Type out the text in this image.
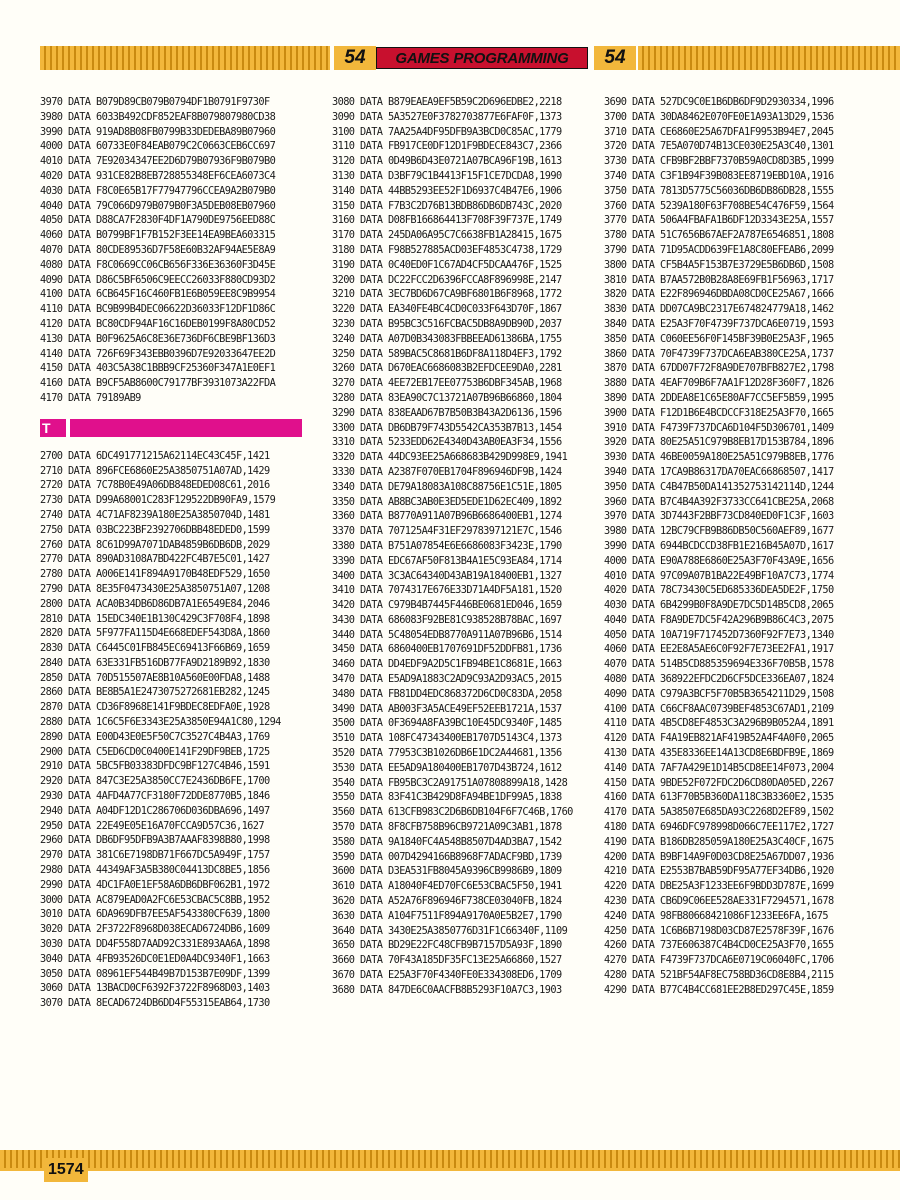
54	GAMES PROGRAMMING	54
3970 DATA B079D89CB079B0794DF1B0791F9730F
3980 DATA 6033B492CDF852EAF8B079807980CD38
3990 DATA 919AD8B08FB0799B33DEDEBA89B07960
4000 DATA 60733E0F84EAB079C2C0663CEB6CC697
4010 DATA 7E92034347EE2D6D79B07936F9B079B0
4020 DATA 931CE82B8EB728855348EF6CEA6073C4
4030 DATA F8C0E65B17F77947796CCEA9A2B079B0
4040 DATA 79C066D979B079B0F3A5DEB08EB07960
4050 DATA D88CA7F2830F4DF1A790DE9756EED88C
4060 DATA B0799BF1F7B152F3EE14EA9BEA603315
4070 DATA 80CDE89536D7F58E60B32AF94AE5E8A9
4080 DATA F8C0669CC06CB656F336E36360F3D45E
4090 DATA D86C5BF6506C9EECC26033F880CD93D2
4100 DATA 6CB645F16C460FB1E6B059EE8C9B9954
4110 DATA BC9B99B4DEC06622D36033F12DF1D86C
4120 DATA BC80CDF94AF16C16DEB0199F8A80CD52
4130 DATA B0F9625A6C8E36E736DF6CBE9BF136D3
4140 DATA 726F69F343EBB0396D7E92033647EE2D
4150 DATA 403C5A38C1BBB9CF25360F347A1E0EF1
4160 DATA B9CF5AB8600C79177BF3931073A22FDA
4170 DATA 79189AB9
T
2700 DATA 6DC491771215A62114EC43C45F,1421
2710 DATA 896FCE6860E25A3850751A07AD,1429
2720 DATA 7C78B0E49A06DB848EDED08C61,2016
2730 DATA D99A68001C283F129522DB90FA9,1579
2740 DATA 4C71AF8239A180E25A3850704D,1481
2750 DATA 03BC223BF2392706DBB48EDED0,1599
2760 DATA 8C61D99A7071DAB4859B6DB6DB,2029
2770 DATA 890AD3108A7BD422FC4B7E5C01,1427
2780 DATA A006E141F894A9170B48EDF529,1650
2790 DATA 8E35F0473430E25A3850751A07,1208
2800 DATA ACA0B34DB6D86DB7A1E6549E84,2046
2810 DATA 15EDC340E1B130C429C3F708F4,1898
2820 DATA 5F977FA115D4E668EDEF543D8A,1860
2830 DATA C6445C01FB845EC69413F66B69,1659
2840 DATA 63E331FB516DB77FA9D2189B92,1830
2850 DATA 70D515507AE8B10A560E00FDA8,1488
2860 DATA BE8B5A1E2473075272681EB282,1245
2870 DATA CD36F8968E141F9BDEC8EDFA0E,1928
2880 DATA 1C6C5F6E3343E25A3850E94A1C80,1294
2890 DATA E00D43E0E5F50C7C3527C4B4A3,1769
2900 DATA C5ED6CD0C0400E141F29DF9BEB,1725
2910 DATA 5BC5FB03383DFDC9BF127C4B46,1591
2920 DATA 847C3E25A3850CC7E2436DB6FE,1700
2930 DATA 4AFD4A77CF3180F72DDE8770B5,1846
2940 DATA A04DF12D1C286706D036DBA696,1497
2950 DATA 22E49E05E16A70FCCA9D57C36,1627
2960 DATA DB6DF95DFB9A3B7AAAF8398B80,1998
2970 DATA 381C6E7198DB71F667DC5A949F,1757
2980 DATA 44349AF3A5B380C04413DC8BE5,1856
2990 DATA 4DC1FA0E1EF58A6DB6DBF062B1,1972
3000 DATA AC879EAD0A2FC6E53CBAC5C8BB,1952
3010 DATA 6DA969DFB7EE5AF543380CF639,1800
3020 DATA 2F3722F8968D038ECAD6724DB6,1609
3030 DATA DD4F558D7AAD92C331E893AA6A,1898
3040 DATA 4FB93526DC0E1ED0A4DC9340F1,1663
3050 DATA 08961EF544B49B7D153B7E09DF,1399
3060 DATA 13BACD0CF6392F3722F8968D03,1403
3070 DATA 8ECAD6724DB6DD4F55315EAB64,1730
3080 DATA B879EAEA9EF5B59C2D696EDBE2,2218
3090 DATA 5A3527E0F3782703877E6FAF0F,1373
3100 DATA 7AA25A4DF95DFB9A3BCD0C85AC,1779
3110 DATA FB917CE0DF12D1F9BDECE843C7,2366
3120 DATA 0D49B6D43E0721A07BCA96F19B,1613
3130 DATA D3BF79C1B4413F15F1CE7DCDA8,1990
3140 DATA 44BB5293EE52F1D6937C4B47E6,1906
3150 DATA F7B3C2D76B13BDB86DB6DB743C,2020
3160 DATA D08FB166864413F708F39F737E,1749
3170 DATA 245DA06A95C7C6638FB1A28415,1675
3180 DATA F98B527885ACD03EF4853C4738,1729
3190 DATA 0C40ED0F1C67AD4CF5DCAA476F,1525
3200 DATA DC22FCC2D6396FCCA8F896998E,2147
3210 DATA 3EC7BD6D67CA9BF6801B6F8968,1772
3220 DATA EA340FE4BC4CD0C033F643D70F,1867
3230 DATA B95BC3C516FCBAC5DB8A9DB90D,2037
3240 DATA A07D0B343083FBBEEAD61386BA,1755
3250 DATA 589BAC5C8681B6DF8A118D4EF3,1792
3260 DATA D670EAC6686083B2EFDCEE9DA0,2281
3270 DATA 4EE72EB17EE07753B6DBF345AB,1968
3280 DATA 83EA90C7C13721A07B96B66860,1804
3290 DATA 838EAAD67B7B50B3B43A2D6136,1596
3300 DATA DB6DB79F743D5542CA353B7B13,1454
3310 DATA 5233EDD62E4340D43AB0EA3F34,1556
3320 DATA 44DC93EE25A668683B429D998E9,1941
3330 DATA A2387F070EB1704F896946DF9B,1424
3340 DATA DE79A18083A108C88756E1C51E,1805
3350 DATA AB8BC3AB0E3ED5EDE1D62EC409,1892
3360 DATA B8770A911A07B96B6686400EB1,1274
3370 DATA 707125A4F31EF2978397121E7C,1546
3380 DATA B751A07854E6E6686083F3423E,1790
3390 DATA EDC67AF50F813B4A1E5C93EA84,1714
3400 DATA 3C3AC64340D43AB19A18400EB1,1327
3410 DATA 7074317E676E33D71A4DF5A181,1520
3420 DATA C979B4B7445F446BE0681ED046,1659
3430 DATA 686083F92BE81C938528B78BAC,1697
3440 DATA 5C48054EDB8770A911A07B96B6,1514
3450 DATA 6860400EB1707691DF52DDFB81,1736
3460 DATA DD4EDF9A2D5C1FB94BE1C8681E,1663
3470 DATA E5AD9A1883C2AD9C93A2D93AC5,2015
3480 DATA FB81DD4EDC868372D6CD0C83DA,2058
3490 DATA AB003F3A5ACE49EF52EEB1721A,1537
3500 DATA 0F3694A8FA39BC10E45DC9340F,1485
3510 DATA 108FC47343400EB1707D5143C4,1373
3520 DATA 77953C3B1026DB6E1DC2A44681,1356
3530 DATA EE5AD9A180400EB1707D43B724,1612
3540 DATA FB95BC3C2A91751A07808899A18,1428
3550 DATA 83F41C3B429D8FA94BE1DF99A5,1838
3560 DATA 613CFB983C2D6B6DB104F6F7C46B,1760
3570 DATA 8F8CFB758B96CB9721A09C3AB1,1878
3580 DATA 9A1840FC4A548B8507D4AD3BA7,1542
3590 DATA 007D4294166B8968F7ADACF9BD,1739
3600 DATA D3EA531FB8045A9396CB9986B9,1809
3610 DATA A18040F4ED70FC6E53CBAC5F50,1941
3620 DATA A52A76F896946F738CE03040FB,1824
3630 DATA A104F7511F894A9170A0E5B2E7,1790
3640 DATA 3430E25A3850776D31F1C66340F,1109
3650 DATA BD29E22FC48CFB9B7157D5A93F,1890
3660 DATA 70F43A185DF35FC13E25A66860,1527
3670 DATA E25A3F70F4340FE0E334308ED6,1709
3680 DATA 847DE6C0AACFB8B5293F10A7C3,1903
3690 DATA 527DC9C0E1B6DB6DF9D2930334,1996
3700 DATA 30DA8462E070FE0E1A93A13D29,1536
3710 DATA CE6860E25A67DFA1F9953B94E7,2045
3720 DATA 7E5A070D74B13CE030E25A3C40,1301
3730 DATA CFB9BF2BBF7370B59A0CD8D3B5,1999
3740 DATA C3F1B94F39B083EE8719EBD10A,1916
3750 DATA 7813D5775C56036DB6DB86DB28,1555
3760 DATA 5239A180F63F708BE54C476F59,1564
3770 DATA 506A4FBAFA1B6DF12D3343E25A,1557
3780 DATA 51C7656B67AEF2A787E6546851,1808
3790 DATA 71D95ACDD639FE1A8C80EFEAB6,2099
3800 DATA CF5B4A5F153B7E3729E5B6DB6D,1508
3810 DATA B7AA572B0B28A8E69FB1F56963,1717
3820 DATA E22F896946DBDA08CD0CE25A67,1666
3830 DATA DD07CA9BC2317E674824779A18,1462
3840 DATA E25A3F70F4739F737DCA6E0719,1593
3850 DATA C060EE56F0F145BF39B0E25A3F,1965
3860 DATA 70F4739F737DCA6EAB380CE25A,1737
3870 DATA 67DD07F72F8A9DE707BFB827E2,1798
3880 DATA 4EAF709B6F7AA1F12D28F360F7,1826
3890 DATA 2DDEA8E1C65E80AF7CC5EF5B59,1995
3900 DATA F12D1B6E4BCDCCF318E25A3F70,1665
3910 DATA F4739F737DCA6D104F5D306701,1409
3920 DATA 80E25A51C979B8EB17D153B784,1896
3930 DATA 46BE0059A180E25A51C979B8EB,1776
3940 DATA 17CA9B86317DA70EAC66868507,1417
3950 DATA C4B47B50DA141352753142114D,1244
3960 DATA B7C4B4A392F3733CC641CBE25A,2068
3970 DATA 3D7443F2BBF73CD840ED0F1C3F,1603
3980 DATA 12BC79CFB9B86DB50C560AEF89,1677
3990 DATA 6944BCDCCD38FB1E216B45A07D,1617
4000 DATA E90A788E6860E25A3F70F43A9E,1656
4010 DATA 97C09A07B1BA22E49BF10A7C73,1774
4020 DATA 78C73430C5ED685336DEA5DE2F,1750
4030 DATA 6B4299B0F8A9DE7DC5D14B5CD8,2065
4040 DATA F8A9DE7DC5F42A296B9B86C4C3,2075
4050 DATA 10A719F717452D7360F92F7E73,1340
4060 DATA EE2E8A5AE6C0F92F7E73EE2FA1,1917
4070 DATA 514B5CD885359694E336F70B5B,1578
4080 DATA 368922EFDC2D6CF5DCE336EA07,1824
4090 DATA C979A3BCF5F70B5B3654211D29,1508
4100 DATA C66CF8AAC0739BEF4853C67AD1,2109
4110 DATA 4B5CD8EF4853C3A296B9B052A4,1891
4120 DATA F4A19EB821AF419B52A4F4A0F0,2065
4130 DATA 435E8336EE14A13CD8E6BDFB9E,1869
4140 DATA 7AF7A429E1D14B5CD8EE14F073,2004
4150 DATA 9BDE52F072FDC2D6CD80DA05ED,2267
4160 DATA 613F70B5B360DA118C3B3360E2,1535
4170 DATA 5A38507E685DA93C2268D2EF89,1502
4180 DATA 6946DFC978998D066C7EE117E2,1727
4190 DATA B186DB285059A180E25A3C40CF,1675
4200 DATA B9BF14A9F0D03CD8E25A67DD07,1936
4210 DATA E2553B7BAB59DF95A77EF34DB6,1920
4220 DATA DBE25A3F1233EE6F9BDD3D787E,1699
4230 DATA CB6D9C06EE528AE331F7294571,1678
4240 DATA 98FB80668421086F1233EE6FA,1675
4250 DATA 1C6B6B7198D03CD87E2578F39F,1676
4260 DATA 737E606387C4B4CD0CE25A3F70,1655
4270 DATA F4739F737DCA6E0719C06040FC,1706
4280 DATA 521BF54AF8EC758BD36CD8E8B4,2115
4290 DATA B77C4B4CC681EE2B8ED297C45E,1859
1574
